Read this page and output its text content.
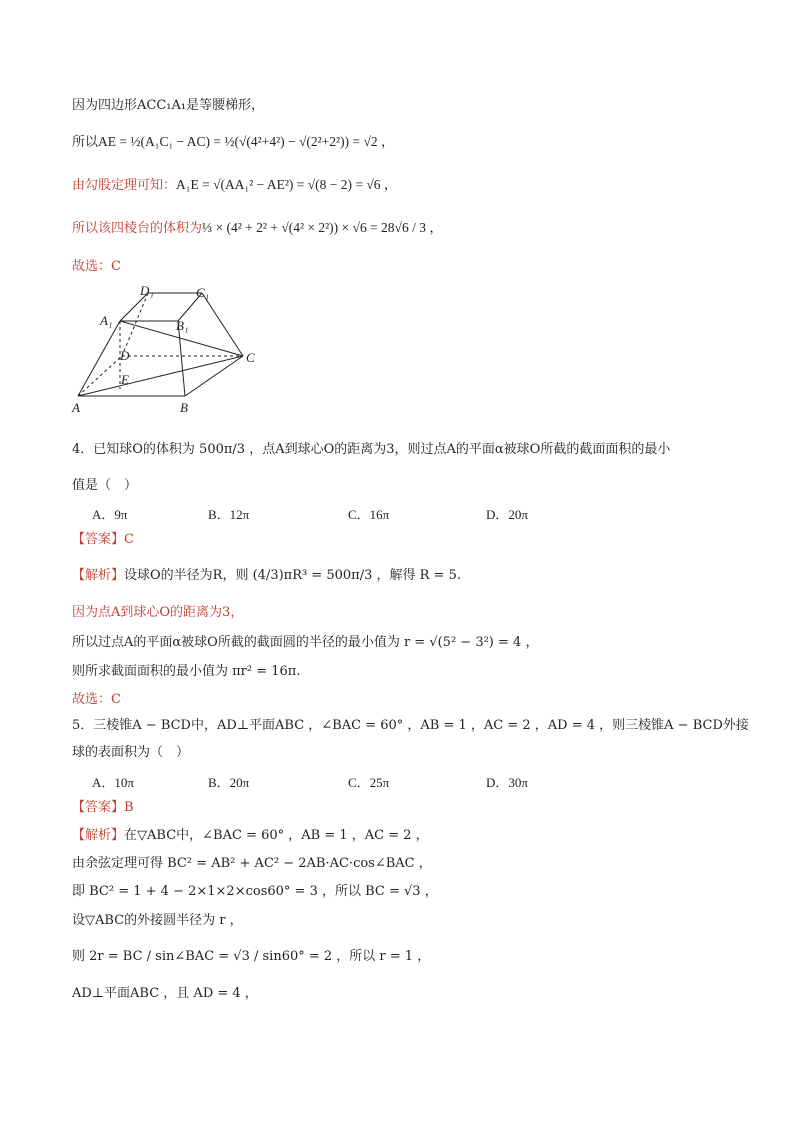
因为四边形ACC₁A₁是等腰梯形，
所以AE = ½(A₁C₁ − AC) = ½(√(4²+4²) − √(2²+2²)) = √2 ，
由勾股定理可知：A₁E = √(AA₁² − AE²) = √(8 − 2) = √6 ，
所以该四棱台的体积为⅓ × (4² + 2² + √(4² × 2²)) × √6 = 28√6 / 3 ，
故选：C
D₁	C₁
A₁	B₁
D	C
E
A	B
4．已知球O的体积为 500π/3 ，点A到球心O的距离为3，则过点A的平面α被球O所截的截面面积的最小
值是（　）
A．9π	B．12π	C．16π	D．20π
【答案】C
【解析】设球O的半径为R，则 (4/3)πR³ = 500π/3 ，解得 R = 5.
因为点A到球心O的距离为3，
所以过点A的平面α被球O所截的截面圆的半径的最小值为 r = √(5² − 3²) = 4 ，
则所求截面面积的最小值为 πr² = 16π.
故选：C
5．三棱锥A − BCD中，AD⊥平面ABC ，∠BAC = 60° ，AB = 1 ，AC = 2 ，AD = 4 ，则三棱锥A − BCD外接
球的表面积为（　）
A．10π	B．20π	C．25π	D．30π
【答案】B
【解析】在▽ABC中，∠BAC = 60° ，AB = 1 ，AC = 2 ，
由余弦定理可得 BC² = AB² + AC² − 2AB·AC·cos∠BAC ，
即 BC² = 1 + 4 − 2×1×2×cos60° = 3 ，所以 BC = √3 ，
设▽ABC的外接圆半径为 r ，
则 2r = BC / sin∠BAC = √3 / sin60° = 2 ，所以 r = 1 ，
AD⊥平面ABC ，且 AD = 4 ，
